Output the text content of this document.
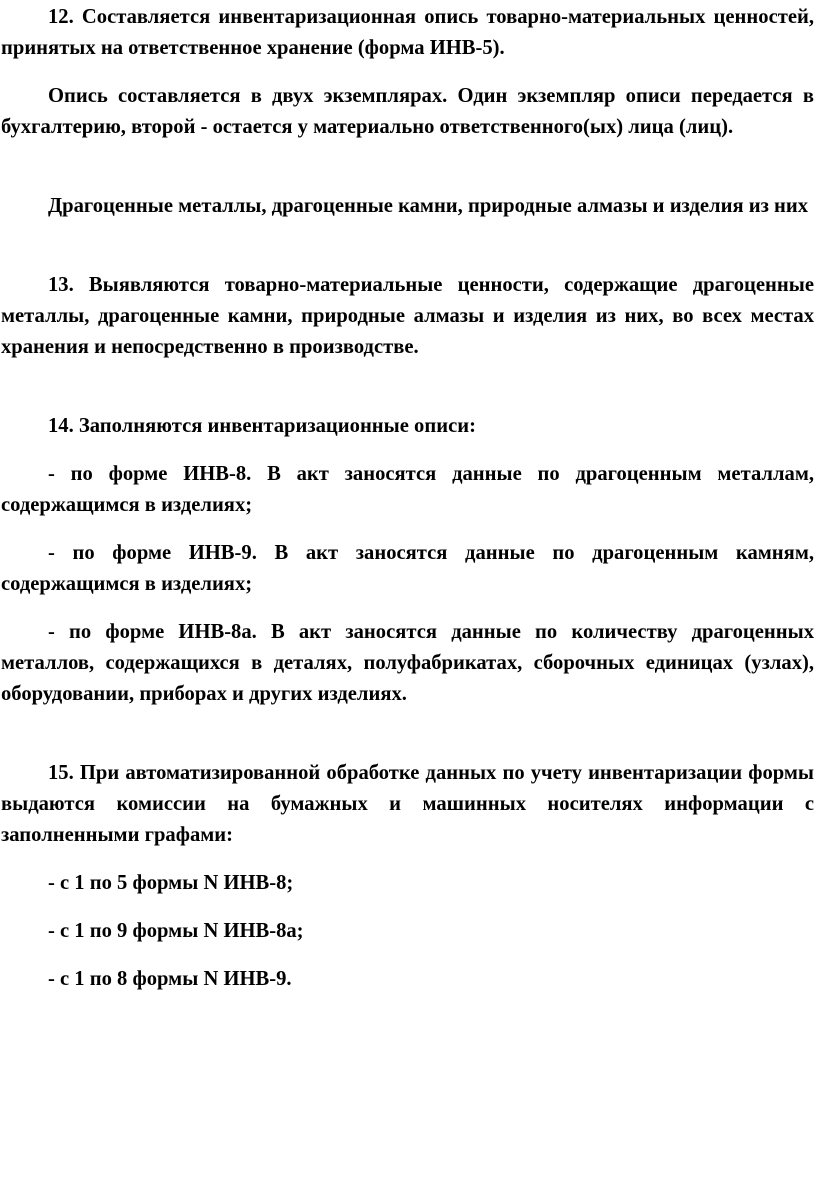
12. Составляется инвентаризационная опись товарно-материальных ценностей, принятых на ответственное хранение (форма ИНВ-5).

Опись составляется в двух экземплярах. Один экземпляр описи передается в бухгалтерию, второй - остается у материально ответственного(ых) лица (лиц).

Драгоценные металлы, драгоценные камни, природные алмазы и изделия из них

13. Выявляются товарно-материальные ценности, содержащие драгоценные металлы, драгоценные камни, природные алмазы и изделия из них, во всех местах хранения и непосредственно в производстве.

14. Заполняются инвентаризационные описи:

- по форме ИНВ-8. В акт заносятся данные по драгоценным металлам, содержащимся в изделиях;

- по форме ИНВ-9. В акт заносятся данные по драгоценным камням, содержащимся в изделиях;

- по форме ИНВ-8а. В акт заносятся данные по количеству драгоценных металлов, содержащихся в деталях, полуфабрикатах, сборочных единицах (узлах), оборудовании, приборах и других изделиях.

15. При автоматизированной обработке данных по учету инвентаризации формы выдаются комиссии на бумажных и машинных носителях информации с заполненными графами:

- с 1 по 5 формы N ИНВ-8;

- с 1 по 9 формы N ИНВ-8а;

- с 1 по 8 формы N ИНВ-9.
